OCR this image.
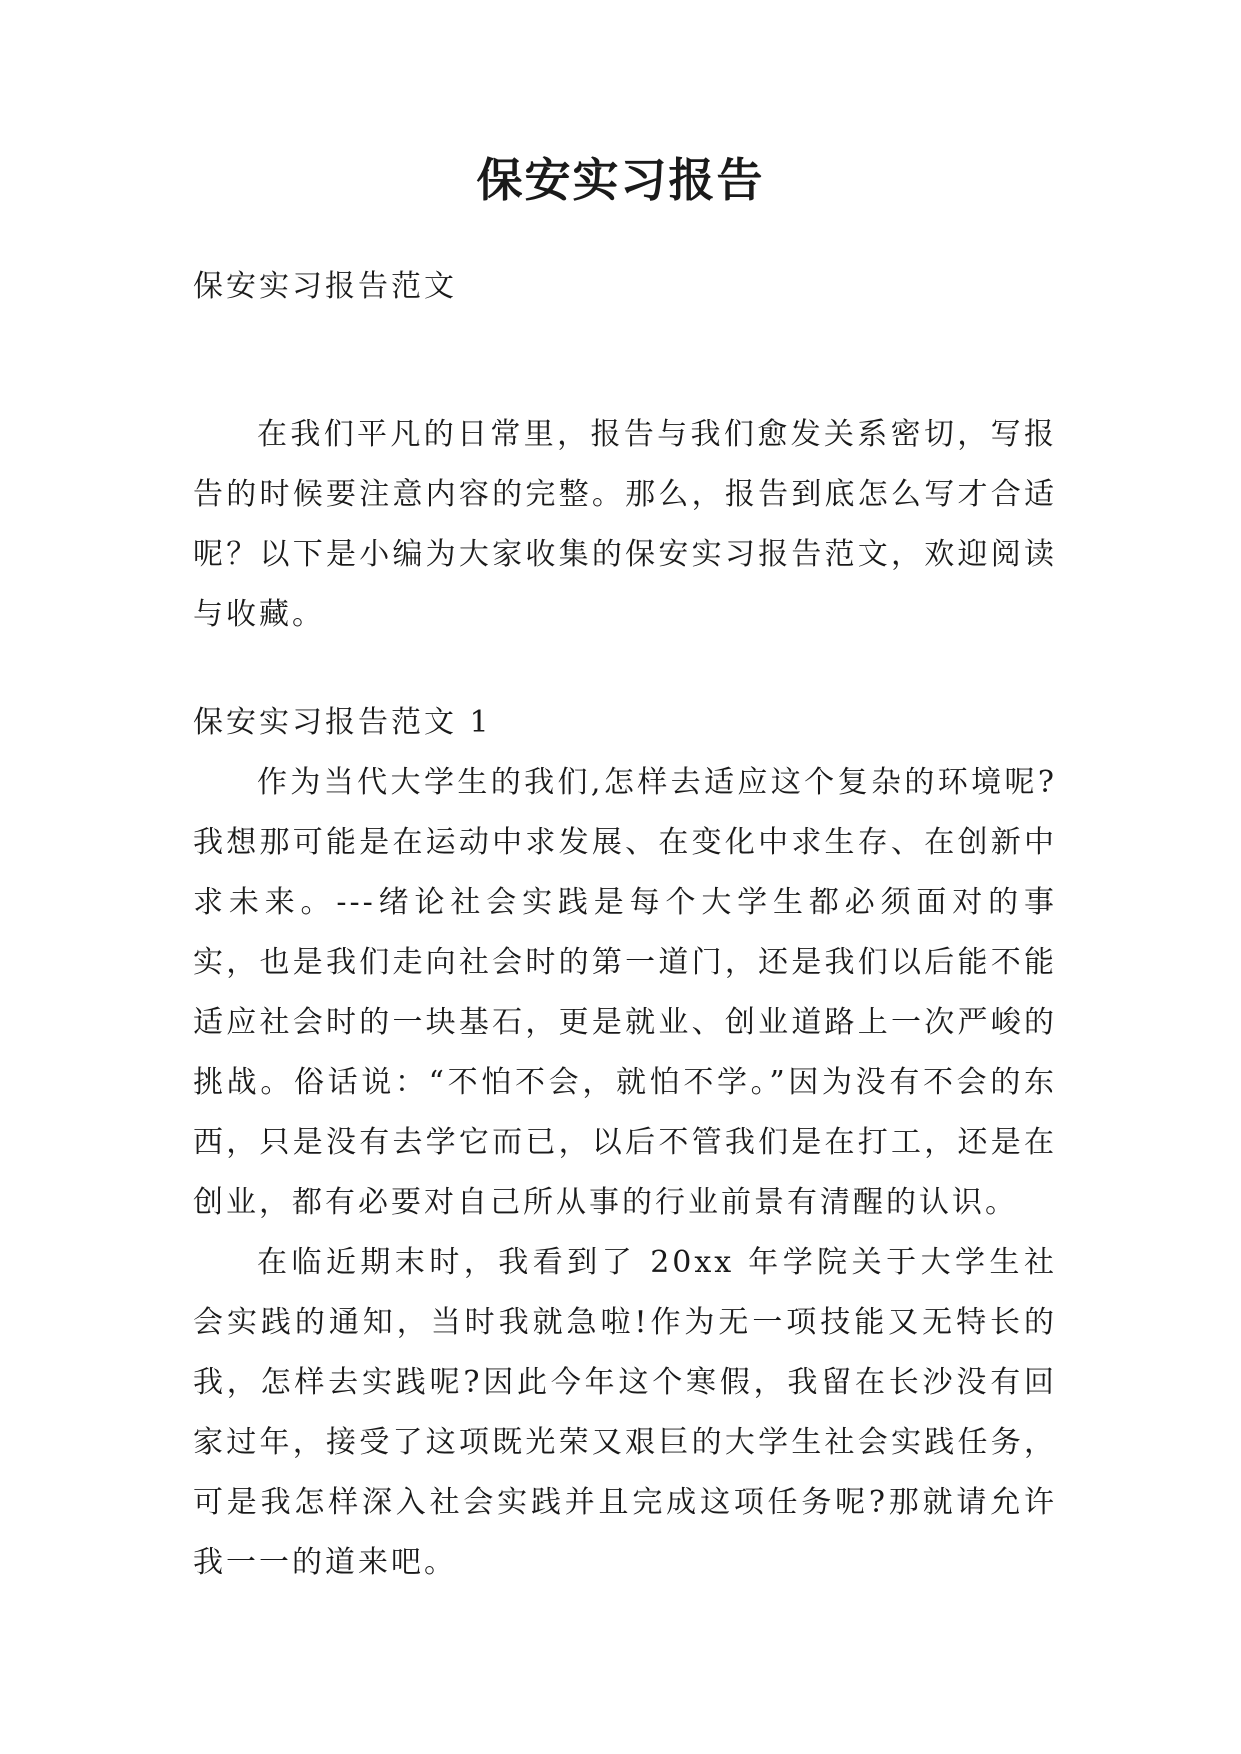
保安实习报告

保安实习报告范文

在我们平凡的日常里，报告与我们愈发关系密切，写报告的时候要注意内容的完整。那么，报告到底怎么写才合适呢？以下是小编为大家收集的保安实习报告范文，欢迎阅读与收藏。

保安实习报告范文 1

作为当代大学生的我们,怎样去适应这个复杂的环境呢?我想那可能是在运动中求发展、在变化中求生存、在创新中求未来。---绪论社会实践是每个大学生都必须面对的事实，也是我们走向社会时的第一道门，还是我们以后能不能适应社会时的一块基石，更是就业、创业道路上一次严峻的挑战。俗话说：“不怕不会，就怕不学。”因为没有不会的东西，只是没有去学它而已，以后不管我们是在打工，还是在创业，都有必要对自己所从事的行业前景有清醒的认识。

在临近期末时，我看到了 20xx 年学院关于大学生社会实践的通知，当时我就急啦!作为无一项技能又无特长的我，怎样去实践呢?因此今年这个寒假，我留在长沙没有回家过年，接受了这项既光荣又艰巨的大学生社会实践任务，可是我怎样深入社会实践并且完成这项任务呢?那就请允许我一一的道来吧。
